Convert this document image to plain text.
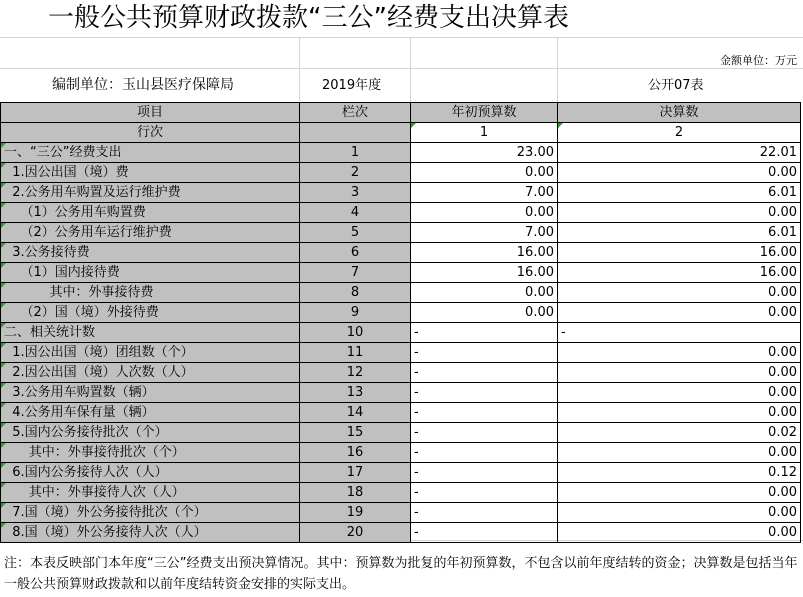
一般公共预算财政拨款“三公”经费支出决算表
金额单位：万元
编制单位：玉山县医疗保障局	2019年度	公开07表
项目	栏次	年初预算数	决算数
行次		1	2
一、“三公”经费支出	1	23.00	22.01
1.因公出国（境）费	2	0.00	0.00
2.公务用车购置及运行维护费	3	7.00	6.01
（1）公务用车购置费	4	0.00	0.00
（2）公务用车运行维护费	5	7.00	6.01
3.公务接待费	6	16.00	16.00
（1）国内接待费	7	16.00	16.00
其中：外事接待费	8	0.00	0.00
（2）国（境）外接待费	9	0.00	0.00
二、相关统计数	10	-	-
1.因公出国（境）团组数（个）	11	-	0.00
2.因公出国（境）人次数（人）	12	-	0.00
3.公务用车购置数（辆）	13	-	0.00
4.公务用车保有量（辆）	14	-	0.00
5.国内公务接待批次（个）	15	-	0.02
其中：外事接待批次（个）	16	-	0.00
6.国内公务接待人次（人）	17	-	0.12
其中：外事接待人次（人）	18	-	0.00
7.国（境）外公务接待批次（个）	19	-	0.00
8.国（境）外公务接待人次（人）	20	-	0.00
注：本表反映部门本年度“三公”经费支出预决算情况。其中：预算数为批复的年初预算数，不包含以前年度结转的资金；决算数是包括当年一般公共预算财政拨款和以前年度结转资金安排的实际支出。
